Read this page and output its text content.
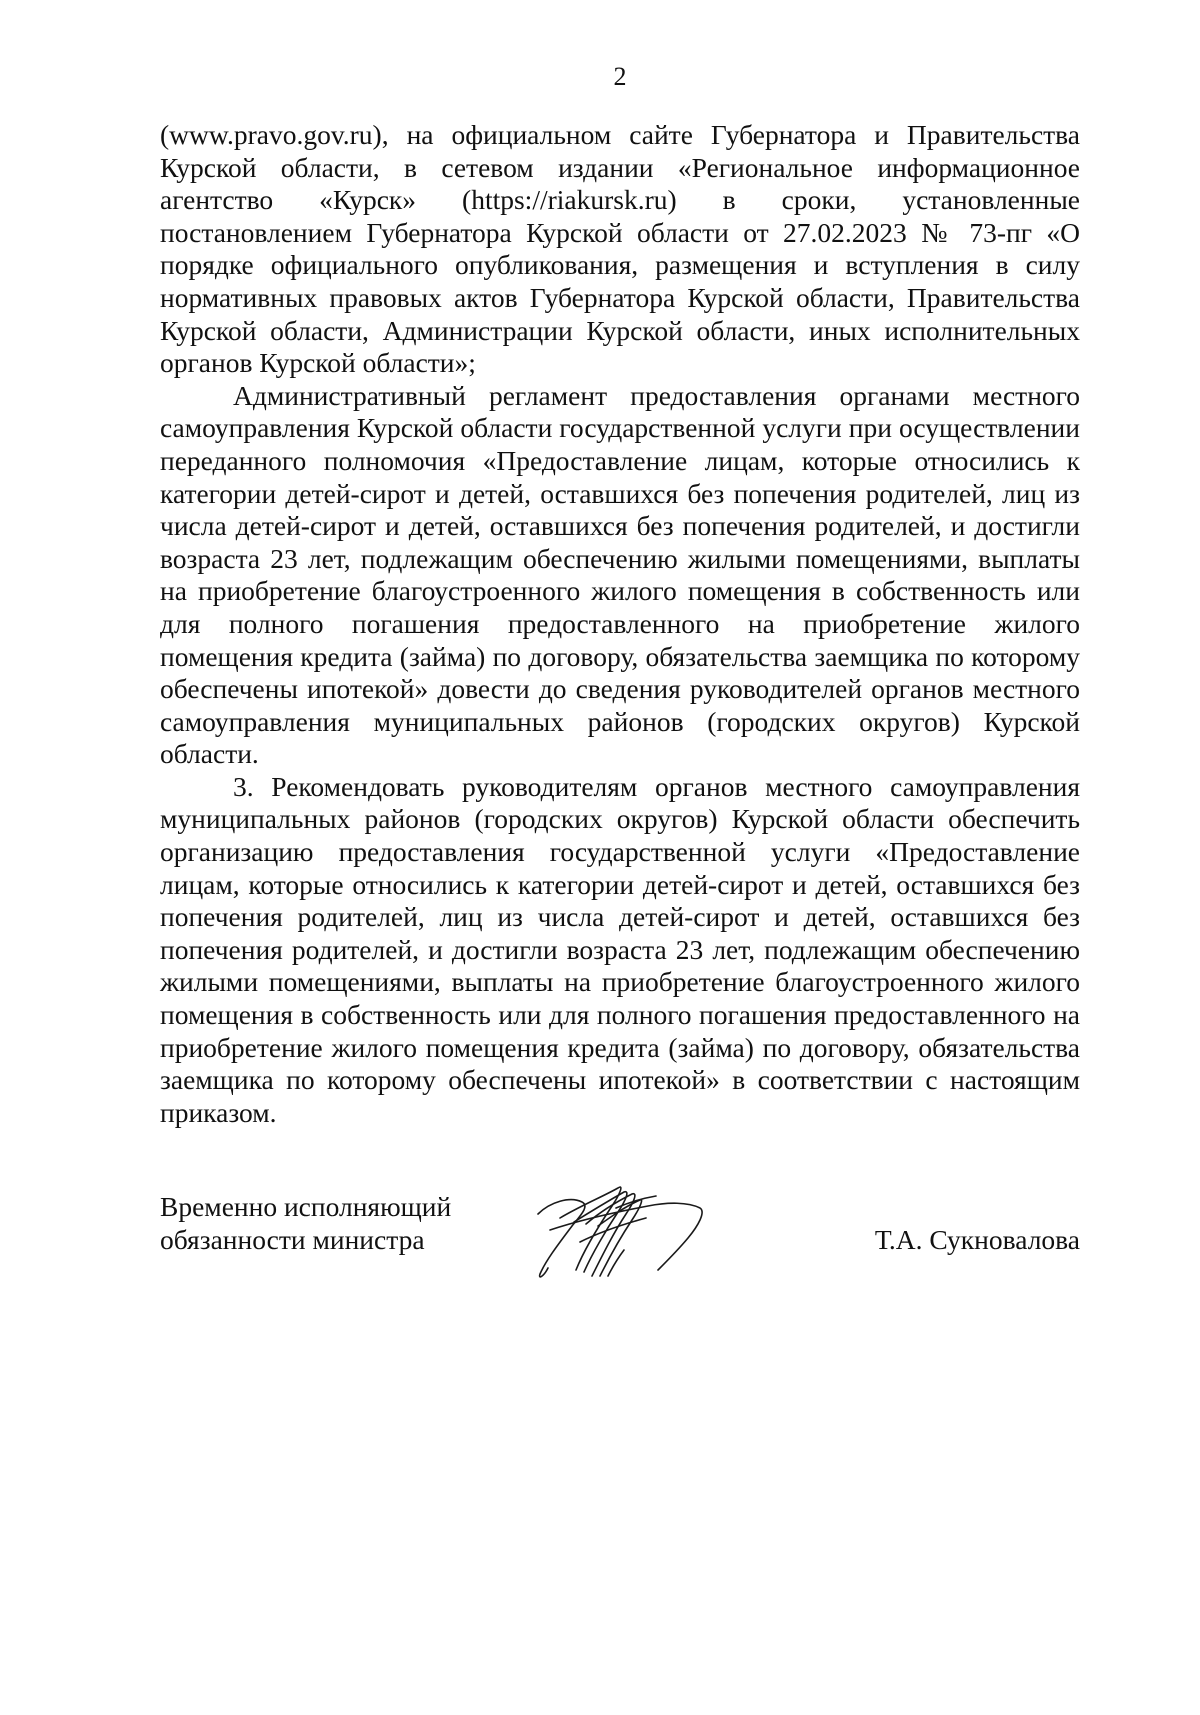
2

(www.pravo.gov.ru), на официальном сайте Губернатора и Правительства Курской области, в сетевом издании «Региональное информационное агентство «Курск» (https://riakursk.ru) в сроки, установленные постановлением Губернатора Курской области от 27.02.2023 № 73-пг «О порядке официального опубликования, размещения и вступления в силу нормативных правовых актов Губернатора Курской области, Правительства Курской области, Администрации Курской области, иных исполнительных органов Курской области»;

Административный регламент предоставления органами местного самоуправления Курской области государственной услуги при осуществлении переданного полномочия «Предоставление лицам, которые относились к категории детей-сирот и детей, оставшихся без попечения родителей, лиц из числа детей-сирот и детей, оставшихся без попечения родителей, и достигли возраста 23 лет, подлежащим обеспечению жилыми помещениями, выплаты на приобретение благоустроенного жилого помещения в собственность или для полного погашения предоставленного на приобретение жилого помещения кредита (займа) по договору, обязательства заемщика по которому обеспечены ипотекой» довести до сведения руководителей органов местного самоуправления муниципальных районов (городских округов) Курской области.

3. Рекомендовать руководителям органов местного самоуправления муниципальных районов (городских округов) Курской области обеспечить организацию предоставления государственной услуги «Предоставление лицам, которые относились к категории детей-сирот и детей, оставшихся без попечения родителей, лиц из числа детей-сирот и детей, оставшихся без попечения родителей, и достигли возраста 23 лет, подлежащим обеспечению жилыми помещениями, выплаты на приобретение благоустроенного жилого помещения в собственность или для полного погашения предоставленного на приобретение жилого помещения кредита (займа) по договору, обязательства заемщика по которому обеспечены ипотекой» в соответствии с настоящим приказом.

Временно исполняющий
обязанности министра	Т.А. Сукновалова
